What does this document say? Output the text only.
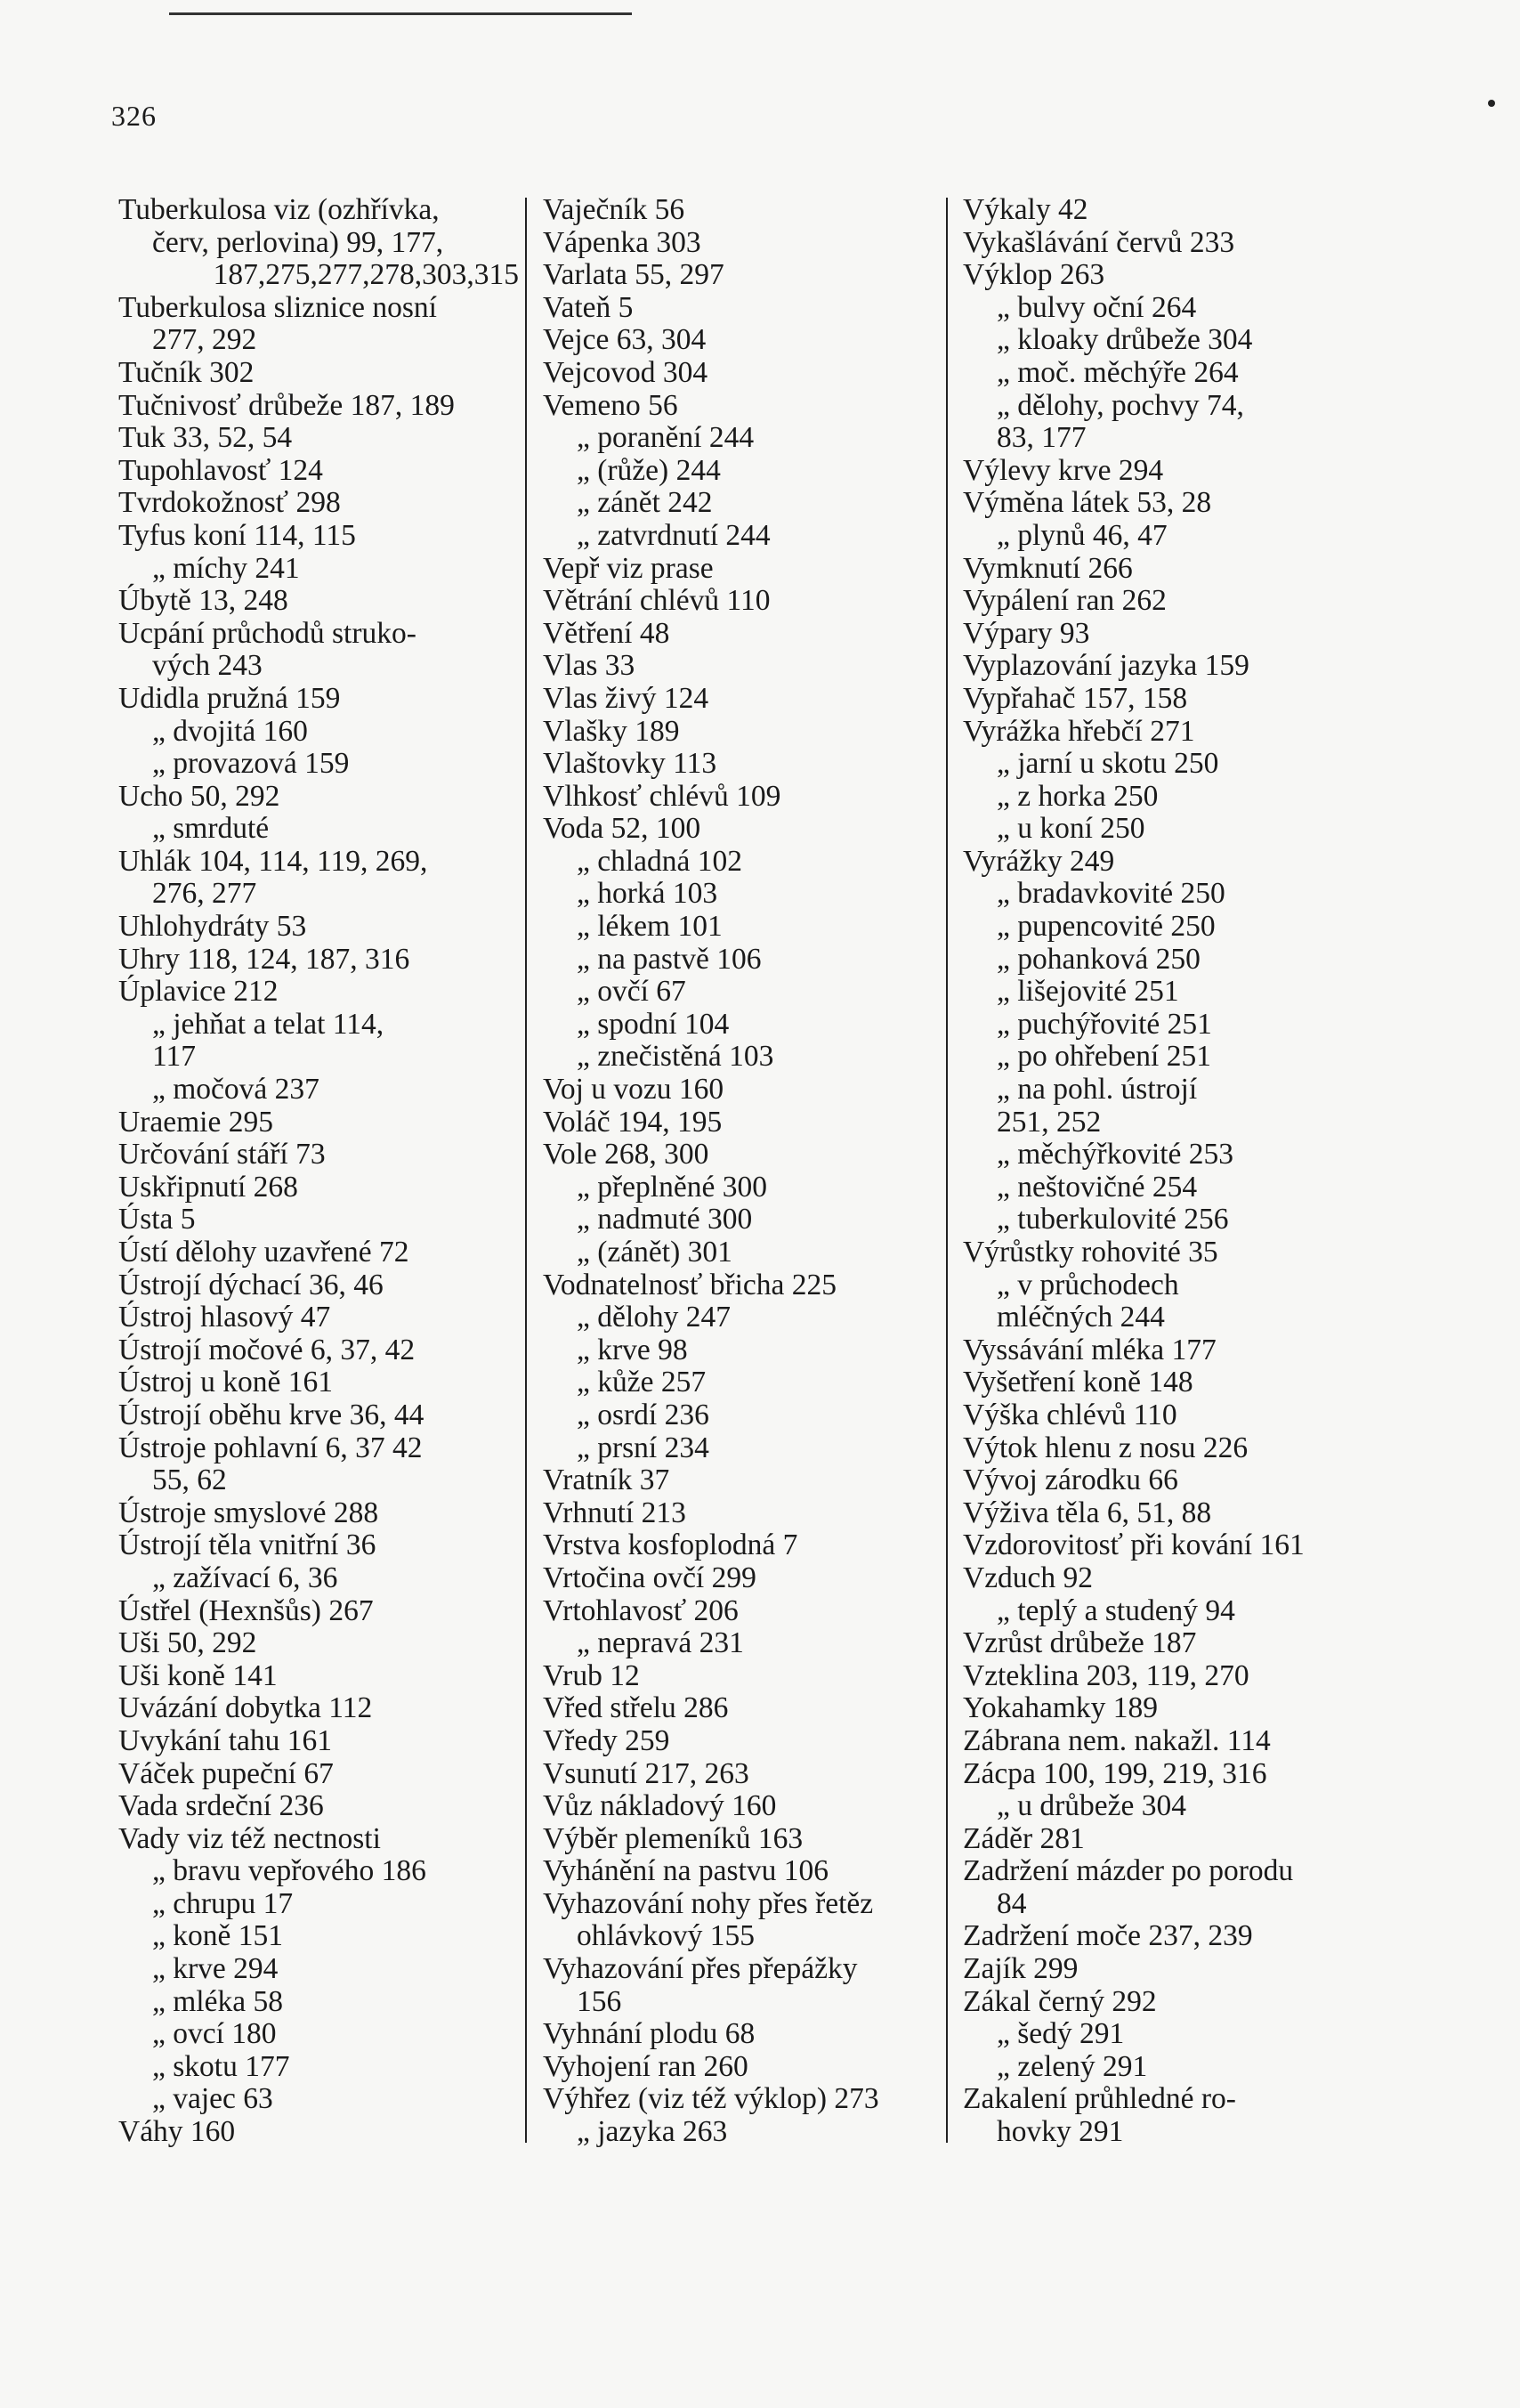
326
Tuberkulosa viz (ozhřívka,
červ, perlovina) 99, 177,
187,275,277,278,303,315
Tuberkulosa sliznice nosní
277, 292
Tučník 302
Tučnivosť drůbeže 187, 189
Tuk 33, 52, 54
Tupohlavosť 124
Tvrdokožnosť 298
Tyfus koní 114, 115
„ míchy 241
Úbytě 13, 248
Ucpání průchodů struko-
vých 243
Udidla pružná 159
„ dvojitá 160
„ provazová 159
Ucho 50, 292
„ smrduté
Uhlák 104, 114, 119, 269,
276, 277
Uhlohydráty 53
Uhry 118, 124, 187, 316
Úplavice 212
„ jehňat a telat 114,
117
„ močová 237
Uraemie 295
Určování stáří 73
Uskřipnutí 268
Ústa 5
Ústí dělohy uzavřené 72
Ústrojí dýchací 36, 46
Ústroj hlasový 47
Ústrojí močové 6, 37, 42
Ústroj u koně 161
Ústrojí oběhu krve 36, 44
Ústroje pohlavní 6, 37 42
55, 62
Ústroje smyslové 288
Ústrojí těla vnitřní 36
„ zažívací 6, 36
Ústřel (Hexnšůs) 267
Uši 50, 292
Uši koně 141
Uvázání dobytka 112
Uvykání tahu 161
Váček pupeční 67
Vada srdeční 236
Vady viz též nectnosti
„ bravu vepřového 186
„ chrupu 17
„ koně 151
„ krve 294
„ mléka 58
„ ovcí 180
„ skotu 177
„ vajec 63
Váhy 160
Vaječník 56
Vápenka 303
Varlata 55, 297
Vateň 5
Vejce 63, 304
Vejcovod 304
Vemeno 56
„ poranění 244
„ (růže) 244
„ zánět 242
„ zatvrdnutí 244
Vepř viz prase
Větrání chlévů 110
Větření 48
Vlas 33
Vlas živý 124
Vlašky 189
Vlaštovky 113
Vlhkosť chlévů 109
Voda 52, 100
„ chladná 102
„ horká 103
„ lékem 101
„ na pastvě 106
„ ovčí 67
„ spodní 104
„ znečistěná 103
Voj u vozu 160
Voláč 194, 195
Vole 268, 300
„ přeplněné 300
„ nadmuté 300
„ (zánět) 301
Vodnatelnosť břicha 225
„ dělohy 247
„ krve 98
„ kůže 257
„ osrdí 236
„ prsní 234
Vratník 37
Vrhnutí 213
Vrstva kosfoplodná 7
Vrtočina ovčí 299
Vrtohlavosť 206
„ nepravá 231
Vrub 12
Vřed střelu 286
Vředy 259
Vsunutí 217, 263
Vůz nákladový 160
Výběr plemeníků 163
Vyhánění na pastvu 106
Vyhazování nohy přes řetěz
ohlávkový 155
Vyhazování přes přepážky
156
Vyhnání plodu 68
Vyhojení ran 260
Výhřez (viz též výklop) 273
„ jazyka 263
Výkaly 42
Vykašlávání červů 233
Výklop 263
„ bulvy oční 264
„ kloaky drůbeže 304
„ moč. měchýře 264
„ dělohy, pochvy 74,
83, 177
Výlevy krve 294
Výměna látek 53, 28
„ plynů 46, 47
Vymknutí 266
Vypálení ran 262
Výpary 93
Vyplazování jazyka 159
Vypřahač 157, 158
Vyrážka hřebčí 271
„ jarní u skotu 250
„ z horka 250
„ u koní 250
Vyrážky 249
„ bradavkovité 250
„ pupencovité 250
„ pohanková 250
„ lišejovité 251
„ puchýřovité 251
„ po ohřebení 251
„ na pohl. ústrojí
251, 252
„ měchýřkovité 253
„ neštovičné 254
„ tuberkulovité 256
Výrůstky rohovité 35
„ v průchodech
mléčných 244
Vyssávání mléka 177
Vyšetření koně 148
Výška chlévů 110
Výtok hlenu z nosu 226
Vývoj zárodku 66
Výživa těla 6, 51, 88
Vzdorovitosť při kování 161
Vzduch 92
„ teplý a studený 94
Vzrůst drůbeže 187
Vzteklina 203, 119, 270
Yokahamky 189
Zábrana nem. nakažl. 114
Zácpa 100, 199, 219, 316
„ u drůbeže 304
Záděr 281
Zadržení mázder po porodu
84
Zadržení moče 237, 239
Zajík 299
Zákal černý 292
„ šedý 291
„ zelený 291
Zakalení průhledné ro-
hovky 291
